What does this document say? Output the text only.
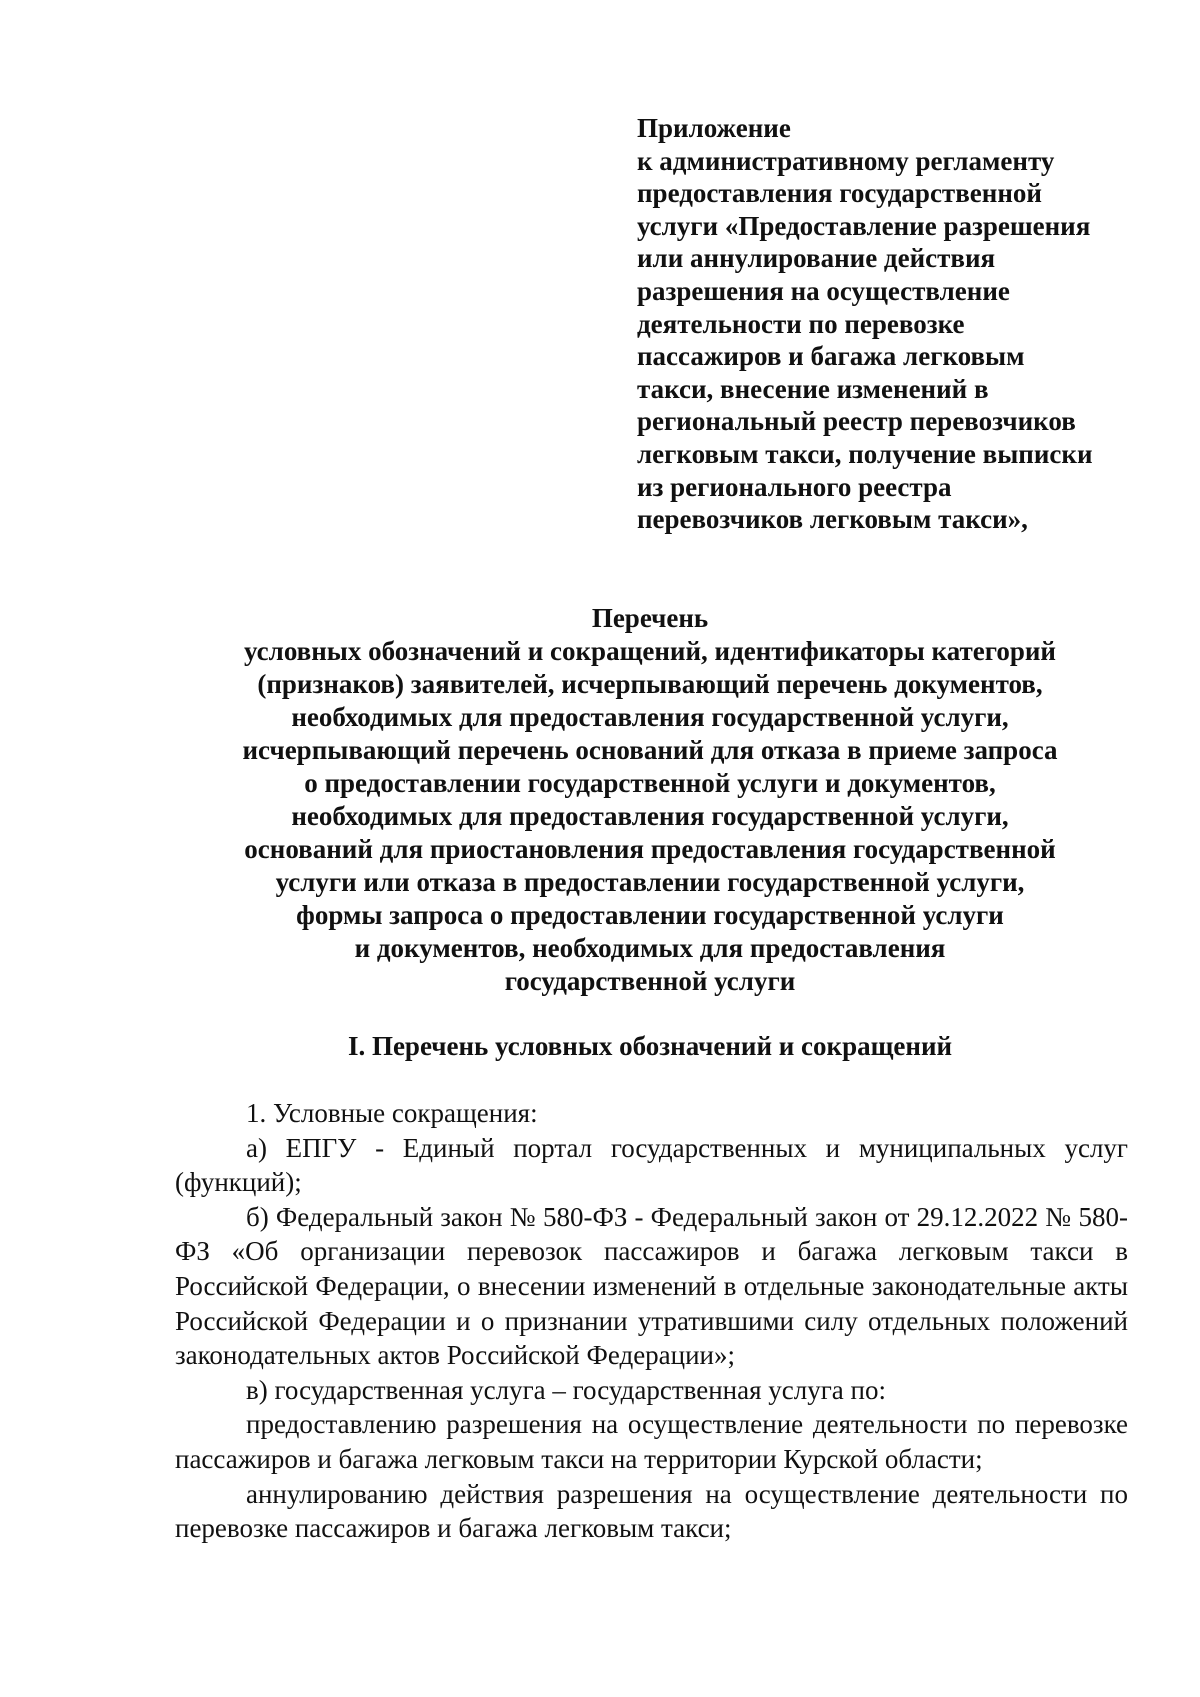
Приложение
к административному регламенту
предоставления государственной
услуги «Предоставление разрешения
или аннулирование действия
разрешения на осуществление
деятельности по перевозке
пассажиров и багажа легковым
такси, внесение изменений в
региональный реестр перевозчиков
легковым такси, получение выписки
из регионального реестра
перевозчиков легковым такси»,
Перечень
условных обозначений и сокращений, идентификаторы категорий
(признаков) заявителей, исчерпывающий перечень документов,
необходимых для предоставления государственной услуги,
исчерпывающий перечень оснований для отказа в приеме запроса
о предоставлении государственной услуги и документов,
необходимых для предоставления государственной услуги,
оснований для приостановления предоставления государственной
услуги или отказа в предоставлении государственной услуги,
формы запроса о предоставлении государственной услуги
и документов, необходимых для предоставления
государственной услуги
I. Перечень условных обозначений и сокращений

1. Условные сокращения:

а) ЕПГУ - Единый портал государственных и муниципальных услуг (функций);

б) Федеральный закон № 580-ФЗ - Федеральный закон от 29.12.2022 № 580-ФЗ «Об организации перевозок пассажиров и багажа легковым такси в Российской Федерации, о внесении изменений в отдельные законодательные акты Российской Федерации и о признании утратившими силу отдельных положений законодательных актов Российской Федерации»;

в) государственная услуга – государственная услуга по:

предоставлению разрешения на осуществление деятельности по перевозке пассажиров и багажа легковым такси на территории Курской области;

аннулированию действия разрешения на осуществление деятельности по перевозке пассажиров и багажа легковым такси;
